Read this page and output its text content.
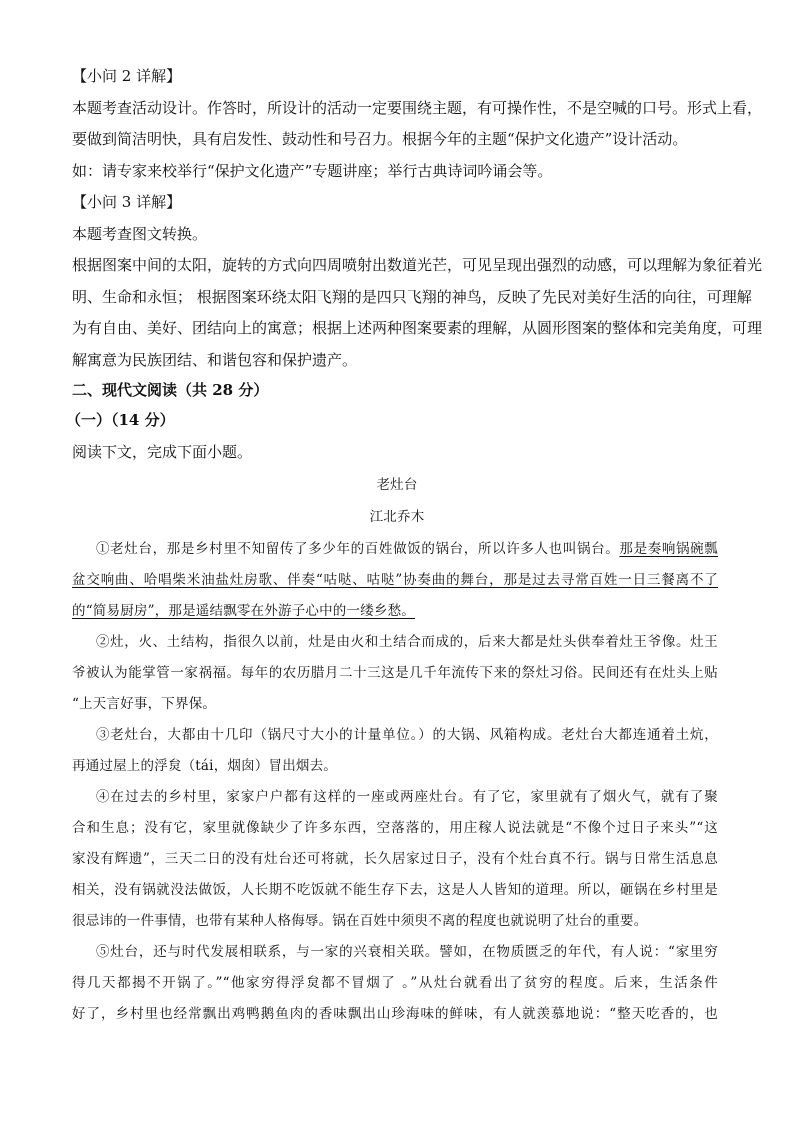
【小问 2 详解】
本题考查活动设计。作答时，所设计的活动一定要围绕主题，有可操作性，不是空喊的口号。形式上看，
要做到简洁明快，具有启发性、鼓动性和号召力。根据今年的主题“保护文化遗产”设计活动。
如：请专家来校举行“保护文化遗产”专题讲座；举行古典诗词吟诵会等。
【小问 3 详解】
本题考查图文转换。
根据图案中间的太阳，旋转的方式向四周喷射出数道光芒，可见呈现出强烈的动感，可以理解为象征着光
明、生命和永恒； 根据图案环绕太阳飞翔的是四只飞翔的神鸟，反映了先民对美好生活的向往，可理解
为有自由、美好、团结向上的寓意；根据上述两种图案要素的理解，从圆形图案的整体和完美角度，可理
解寓意为民族团结、和谐包容和保护遗产。
二、现代文阅读（共 28 分）
（一）（14 分）
阅读下文，完成下面小题。
老灶台
江北乔木
①老灶台，那是乡村里不知留传了多少年的百姓做饭的锅台，所以许多人也叫锅台。那是奏响锅碗瓢
盆交响曲、哈唱柴米油盐灶房歌、伴奏“咕哒、咕哒”协奏曲的舞台，那是过去寻常百姓一日三餐离不了
的“简易厨房”，那是遥结飘零在外游子心中的一缕乡愁。
②灶，火、土结构，指很久以前，灶是由火和土结合而成的，后来大都是灶头供奉着灶王爷像。灶王
爷被认为能掌管一家祸福。每年的农历腊月二十三这是几千年流传下来的祭灶习俗。民间还有在灶头上贴
“上天言好事，下界保。
③老灶台，大都由十几印（锅尺寸大小的计量单位。）的大锅、风箱构成。老灶台大都连通着土炕，
再通过屋上的浮炱（tái，烟囱）冒出烟去。
④在过去的乡村里，家家户户都有这样的一座或两座灶台。有了它，家里就有了烟火气，就有了聚
合和生息；没有它，家里就像缺少了许多东西，空落落的，用庄稼人说法就是“不像个过日子来头”“这
家没有辉遗”，三天二日的没有灶台还可将就，长久居家过日子，没有个灶台真不行。锅与日常生活息息
相关，没有锅就没法做饭，人长期不吃饭就不能生存下去，这是人人皆知的道理。所以，砸锅在乡村里是
很忌讳的一件事情，也带有某种人格侮辱。锅在百姓中须臾不离的程度也就说明了灶台的重要。
⑤灶台，还与时代发展相联系，与一家的兴衰相关联。譬如，在物质匮乏的年代，有人说：“家里穷
得几天都揭不开锅了。”“他家穷得浮炱都不冒烟了 。”从灶台就看出了贫穷的程度。后来，生活条件
好了，乡村里也经常飘出鸡鸭鹅鱼肉的香味飘出山珍海味的鲜味，有人就羡慕地说：“整天吃香的，也
